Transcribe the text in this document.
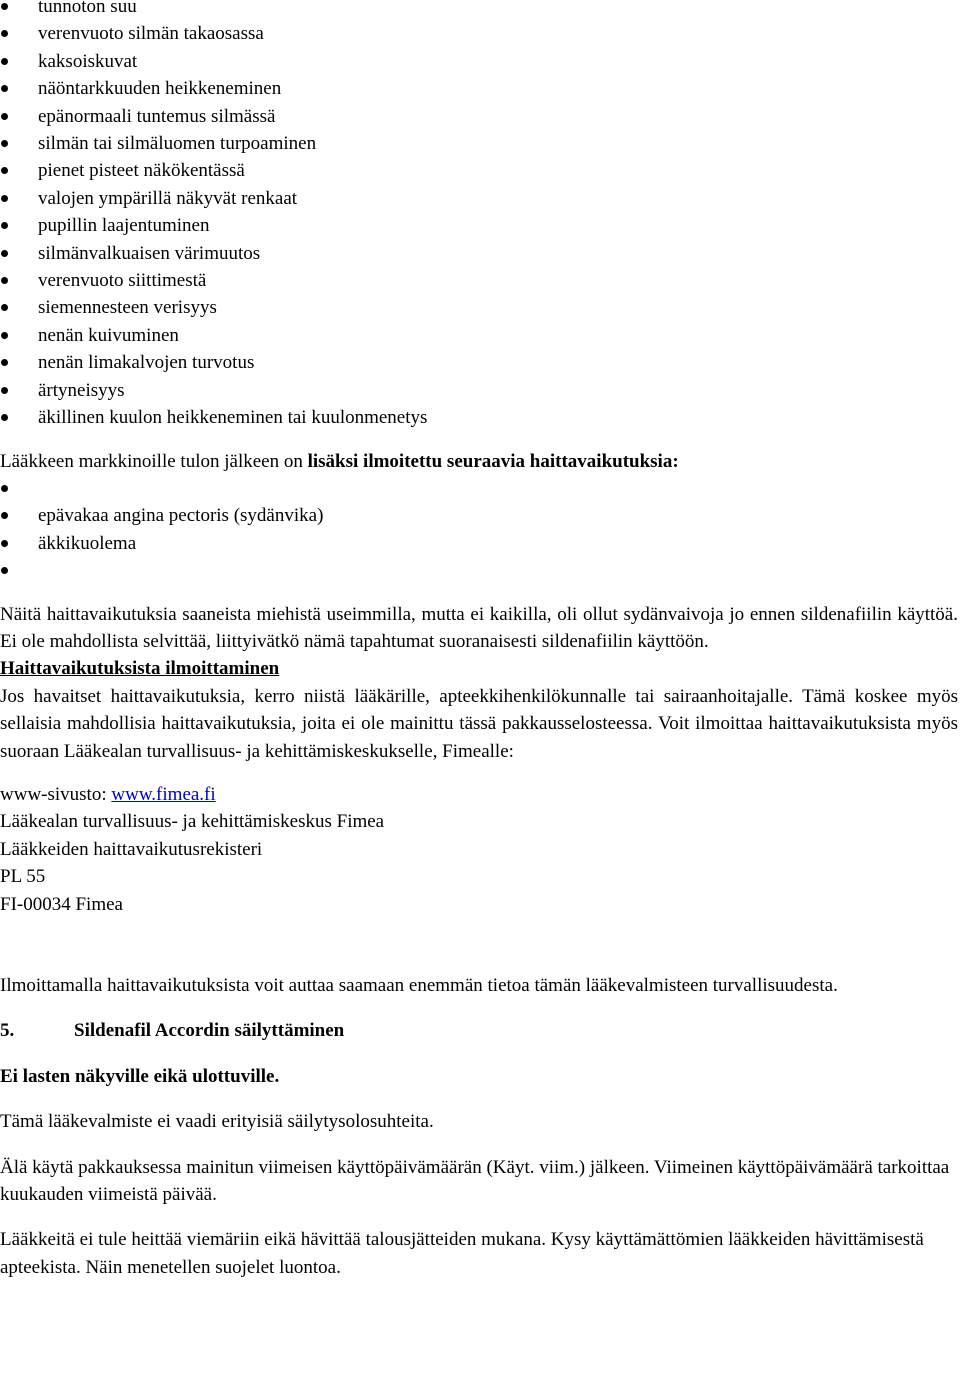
tunnoton suu
verenvuoto silmän takaosassa
kaksoiskuvat
näöntarkkuuden heikkeneminen
epänormaali tuntemus silmässä
silmän tai silmäluomen turpoaminen
pienet pisteet näkökentässä
valojen ympärillä näkyvät renkaat
pupillin laajentuminen
silmänvalkuaisen värimuutos
verenvuoto siittimestä
siemennesteen verisyys
nenän kuivuminen
nenän limakalvojen turvotus
ärtyneisyys
äkillinen kuulon heikkeneminen tai kuulonmenetys

Lääkkeen markkinoille tulon jälkeen on lisäksi ilmoitettu seuraavia haittavaikutuksia:

epävakaa angina pectoris (sydänvika)
äkkikuolema

Näitä haittavaikutuksia saaneista miehistä useimmilla, mutta ei kaikilla, oli ollut sydänvaivoja jo ennen sildenafiilin käyttöä. Ei ole mahdollista selvittää, liittyivätkö nämä tapahtumat suoranaisesti sildenafiilin käyttöön.

Haittavaikutuksista ilmoittaminen

Jos havaitset haittavaikutuksia, kerro niistä lääkärille, apteekkihenkilökunnalle tai sairaanhoitajalle. Tämä koskee myös sellaisia mahdollisia haittavaikutuksia, joita ei ole mainittu tässä pakkausselosteessa. Voit ilmoittaa haittavaikutuksista myös suoraan Lääkealan turvallisuus- ja kehittämiskeskukselle, Fimealle:

www-sivusto: www.fimea.fi

Lääkealan turvallisuus- ja kehittämiskeskus Fimea

Lääkkeiden haittavaikutusrekisteri

PL 55

FI-00034 Fimea

Ilmoittamalla haittavaikutuksista voit auttaa saamaan enemmän tietoa tämän lääkevalmisteen turvallisuudesta.

5.	Sildenafil Accordin säilyttäminen

Ei lasten näkyville eikä ulottuville.

Tämä lääkevalmiste ei vaadi erityisiä säilytysolosuhteita.

Älä käytä pakkauksessa mainitun viimeisen käyttöpäivämäärän (Käyt. viim.) jälkeen. Viimeinen käyttöpäivämäärä tarkoittaa kuukauden viimeistä päivää.

Lääkkeitä ei tule heittää viemäriin eikä hävittää talousjätteiden mukana. Kysy käyttämättömien lääkkeiden hävittämisestä apteekista. Näin menetellen suojelet luontoa.
